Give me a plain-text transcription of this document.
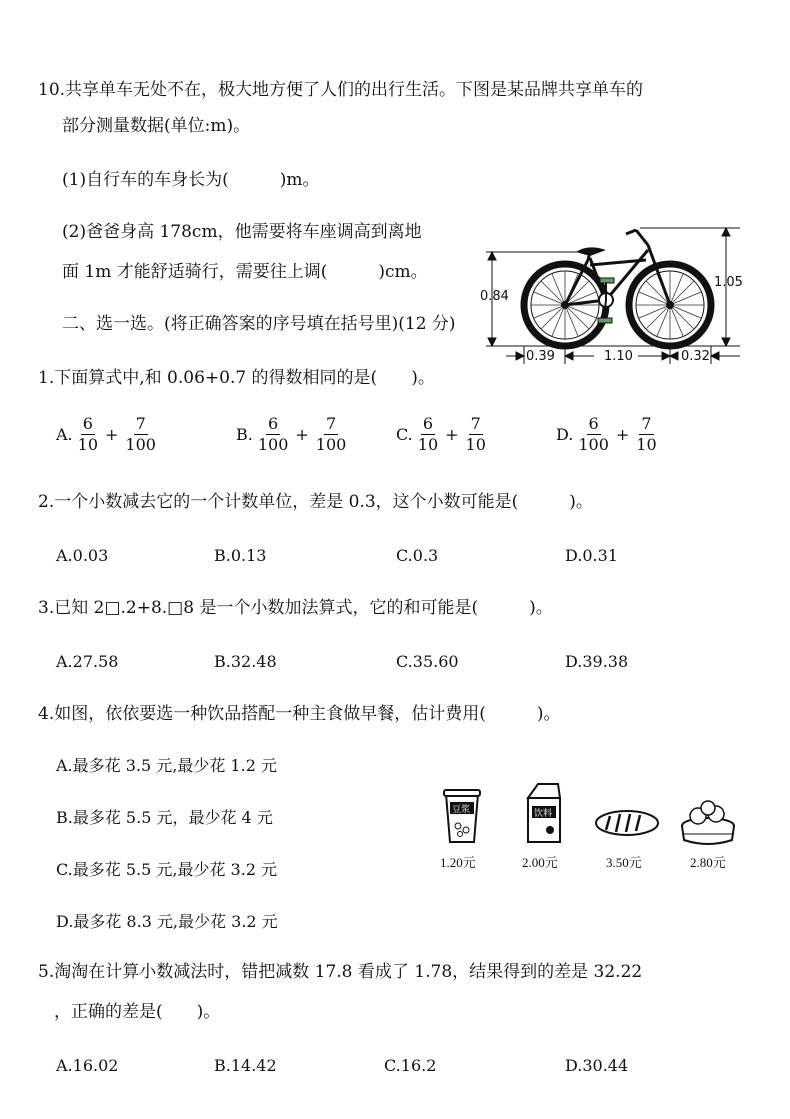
10.共享单车无处不在，极大地方便了人们的出行生活。下图是某品牌共享单车的
部分测量数据(单位:m)。
(1)自行车的车身长为(　　　)m。
(2)爸爸身高 178cm，他需要将车座调高到离地
面 1m 才能舒适骑行，需要往上调(　　　)cm。
0.84
1.05
0.39	1.10	0.32
二、选一选。(将正确答案的序号填在括号里)(12 分)
1.下面算式中,和 0.06+0.7 的得数相同的是(　　)。
A. $\frac{6}{10} + \frac{7}{100}$	B. $\frac{6}{100} + \frac{7}{100}$	C. $\frac{6}{10} + \frac{7}{10}$	D. $\frac{6}{100} + \frac{7}{10}$
2.一个小数减去它的一个计数单位，差是 0.3，这个小数可能是(　　　)。
A.0.03	B.0.13	C.0.3	D.0.31
3.已知 2□.2+8.□8 是一个小数加法算式，它的和可能是(　　　)。
A.27.58	B.32.48	C.35.60	D.39.38
4.如图，依依要选一种饮品搭配一种主食做早餐，估计费用(　　　)。
A.最多花 3.5 元,最少花 1.2 元
B.最多花 5.5 元，最少花 4 元
C.最多花 5.5 元,最少花 3.2 元
D.最多花 8.3 元,最少花 3.2 元
豆浆	饮料
1.20元	2.00元	3.50元	2.80元
5.淘淘在计算小数减法时，错把减数 17.8 看成了 1.78，结果得到的差是 32.22
，正确的差是(　　)。
A.16.02	B.14.42	C.16.2	D.30.44
